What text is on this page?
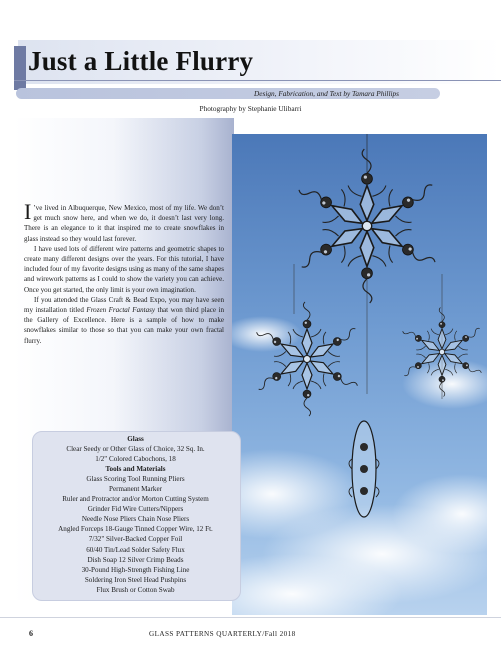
Just a Little Flurry
Design, Fabrication, and Text by Tamara Phillips
Photography by Stephanie Ulibarri

I ’ve lived in Albuquerque, New Mexico, most of my life. We don’t get much snow here, and when we do, it doesn’t last very long. There is an elegance to it that inspired me to create snowflakes in glass instead so they would last forever.

I have used lots of different wire patterns and geometric shapes to create many different designs over the years. For this tutorial, I have included four of my favorite designs using as many of the same shapes and wirework patterns as I could to show the variety you can achieve. Once you get started, the only limit is your own imagination.

If you attended the Glass Craft & Bead Expo, you may have seen my installation titled Frozen Fractal Fantasy that won third place in the Gallery of Excellence. Here is a sample of how to make snowflakes similar to those so that you can make your own fractal flurry.

Glass
Clear Seedy or Other Glass of Choice, 32 Sq. In.
1/2" Colored Cabochons, 18
Tools and Materials
Glass Scoring Tool Running Pliers
Permanent Marker
Ruler and Protractor and/or Morton Cutting System
Grinder Fid Wire Cutters/Nippers
Needle Nose Pliers Chain Nose Pliers
Angled Forceps 18-Gauge Tinned Copper Wire, 12 Ft.
7/32" Silver-Backed Copper Foil
60/40 Tin/Lead Solder Safety Flux
Dish Soap 12 Silver Crimp Beads
30-Pound High-Strength Fishing Line
Soldering Iron Steel Head Pushpins
Flux Brush or Cotton Swab
6	GLASS PATTERNS QUARTERLY/Fall 2018
